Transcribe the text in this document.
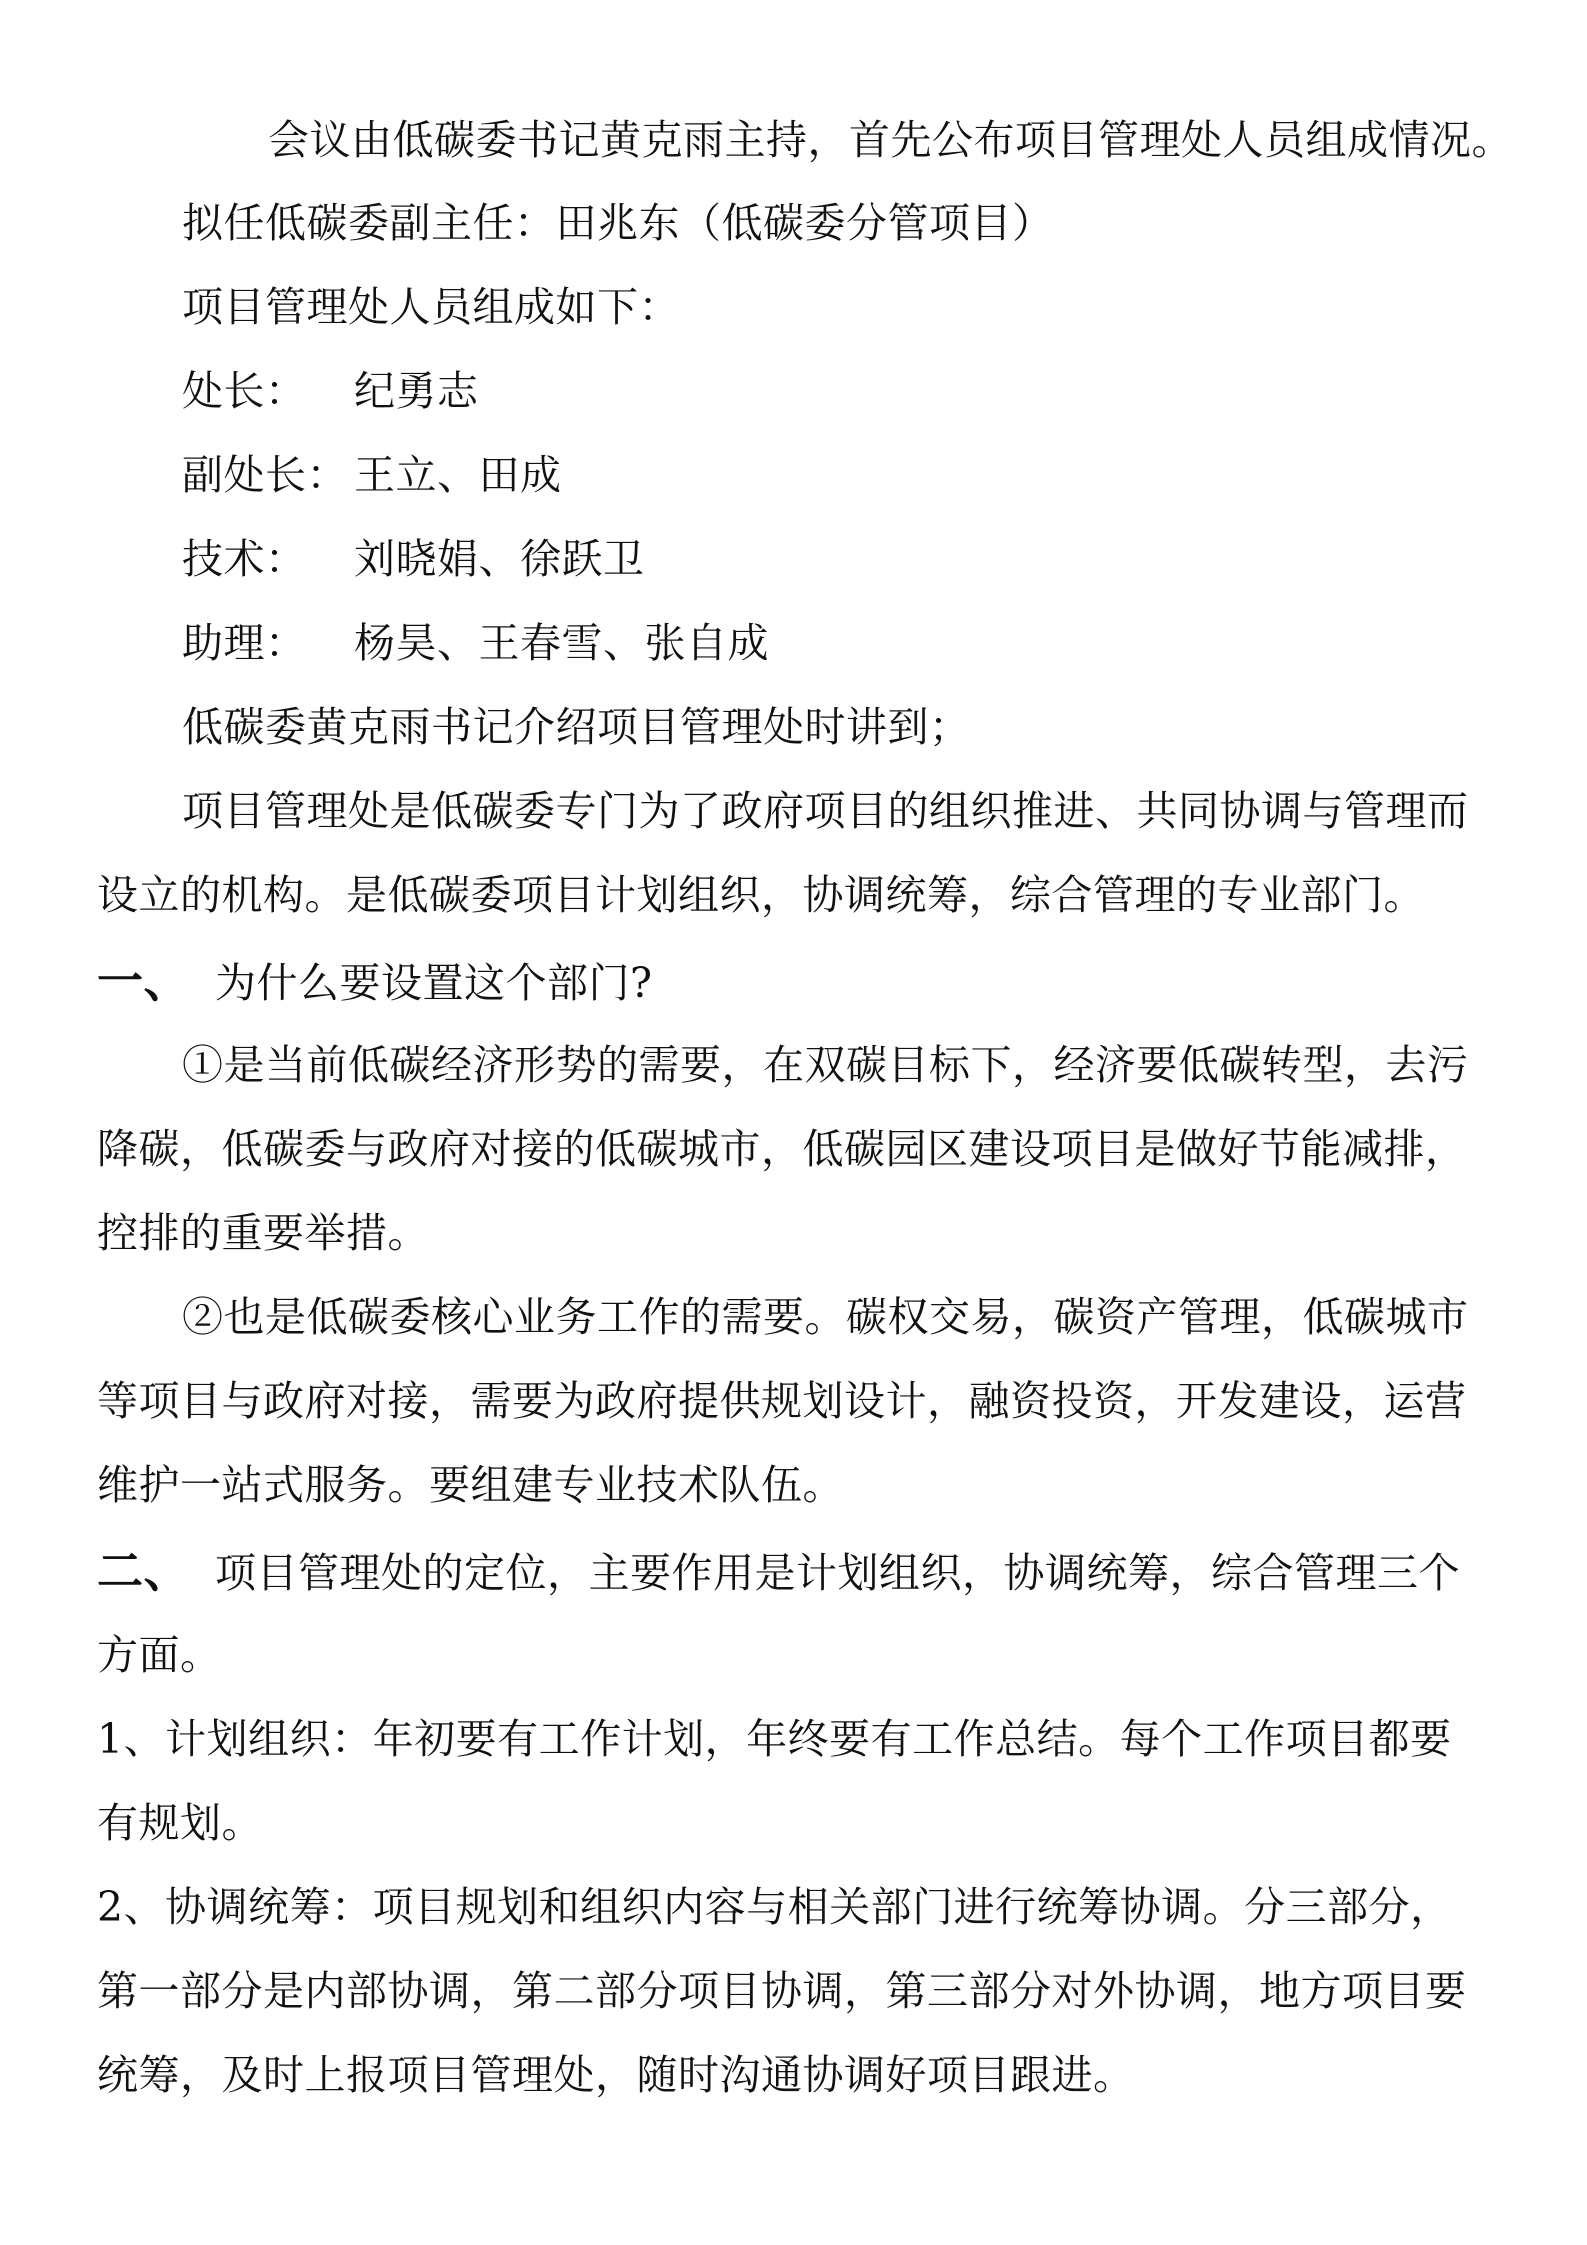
会议由低碳委书记黄克雨主持，首先公布项目管理处人员组成情况。
拟任低碳委副主任：田兆东（低碳委分管项目）
项目管理处人员组成如下：
处长： 纪勇志
副处长： 王立、田成
技术： 刘晓娟、徐跃卫
助理： 杨昊、王春雪、张自成
低碳委黄克雨书记介绍项目管理处时讲到；
项目管理处是低碳委专门为了政府项目的组织推进、共同协调与管理而
设立的机构。是低碳委项目计划组织，协调统筹，综合管理的专业部门。
一、 为什么要设置这个部门?
①是当前低碳经济形势的需要，在双碳目标下，经济要低碳转型，去污
降碳，低碳委与政府对接的低碳城市，低碳园区建设项目是做好节能减排，
控排的重要举措。
②也是低碳委核心业务工作的需要。碳权交易，碳资产管理，低碳城市
等项目与政府对接，需要为政府提供规划设计，融资投资，开发建设，运营
维护一站式服务。要组建专业技术队伍。
二、 项目管理处的定位，主要作用是计划组织，协调统筹，综合管理三个
方面。
1、计划组织：年初要有工作计划，年终要有工作总结。每个工作项目都要
有规划。
2、协调统筹：项目规划和组织内容与相关部门进行统筹协调。分三部分，
第一部分是内部协调，第二部分项目协调，第三部分对外协调，地方项目要
统筹，及时上报项目管理处，随时沟通协调好项目跟进。
